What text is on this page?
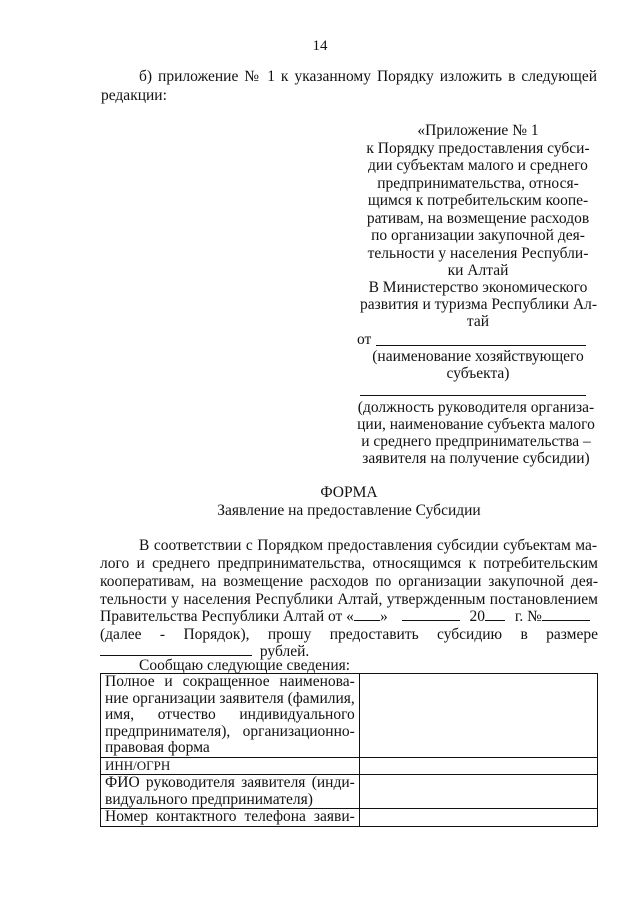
14
б) приложение № 1 к указанному Порядку изложить в следующей
редакции:
«Приложение № 1
к Порядку предоставления субси-
дии субъектам малого и среднего
предпринимательства, относя-
щимся к потребительским коопе-
ративам, на возмещение расходов
по организации закупочной дея-
тельности у населения Республи-
ки Алтай
В Министерство экономического
развития и туризма Республики Ал-
тай
от
(наименование хозяйствующего
субъекта)
(должность руководителя организа-
ции, наименование субъекта малого
и среднего предпринимательства –
заявителя на получение субсидии)
ФОРМА
Заявление на предоставление Субсидии
В соответствии с Порядком предоставления субсидии субъектам ма-
лого и среднего предпринимательства, относящимся к потребительским
кооперативам, на возмещение расходов по организации закупочной дея-
тельности у населения Республики Алтай, утвержденным постановлением
Правительства Республики Алтай от « »	20 г. №
(далее - Порядок), прошу предоставить субсидию в размере
рублей.
Сообщаю следующие сведения:
Полное и сокращенное наименова-
ние организации заявителя (фамилия,
имя, отчество индивидуального
предпринимателя), организационно-
правовая форма	

ИНН/ОГРН	

ФИО руководителя заявителя (инди-
видуального предпринимателя)	

Номер контактного телефона заяви-	
